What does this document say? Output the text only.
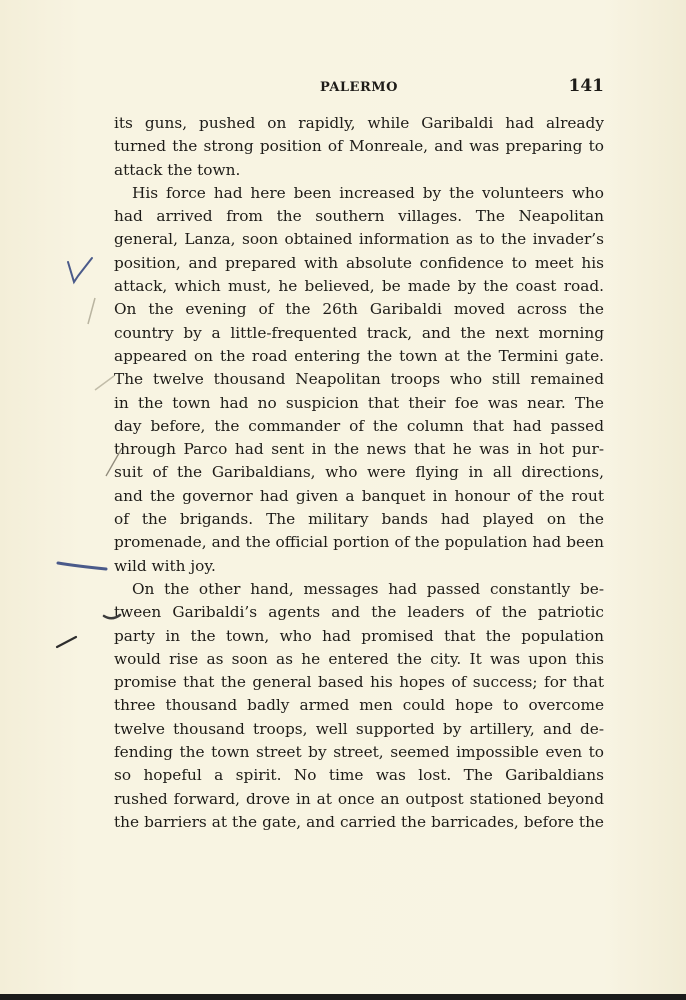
PALERMO	141
its guns, pushed on rapidly, while Garibaldi had already
turned the strong position of Monreale, and was preparing to
attack the town.
His force had here been increased by the volunteers who
had arrived from the southern villages. The Neapolitan
general, Lanza, soon obtained information as to the invader’s
position, and prepared with absolute confidence to meet his
attack, which must, he believed, be made by the coast road.
On the evening of the 26th Garibaldi moved across the
country by a little-frequented track, and the next morning
appeared on the road entering the town at the Termini gate.
The twelve thousand Neapolitan troops who still remained
in the town had no suspicion that their foe was near. The
day before, the commander of the column that had passed
through Parco had sent in the news that he was in hot pur-
suit of the Garibaldians, who were flying in all directions,
and the governor had given a banquet in honour of the rout
of the brigands. The military bands had played on the
promenade, and the official portion of the population had been
wild with joy.
On the other hand, messages had passed constantly be-
tween Garibaldi’s agents and the leaders of the patriotic
party in the town, who had promised that the population
would rise as soon as he entered the city. It was upon this
promise that the general based his hopes of success; for that
three thousand badly armed men could hope to overcome
twelve thousand troops, well supported by artillery, and de-
fending the town street by street, seemed impossible even to
so hopeful a spirit. No time was lost. The Garibaldians
rushed forward, drove in at once an outpost stationed beyond
the barriers at the gate, and carried the barricades, before the
